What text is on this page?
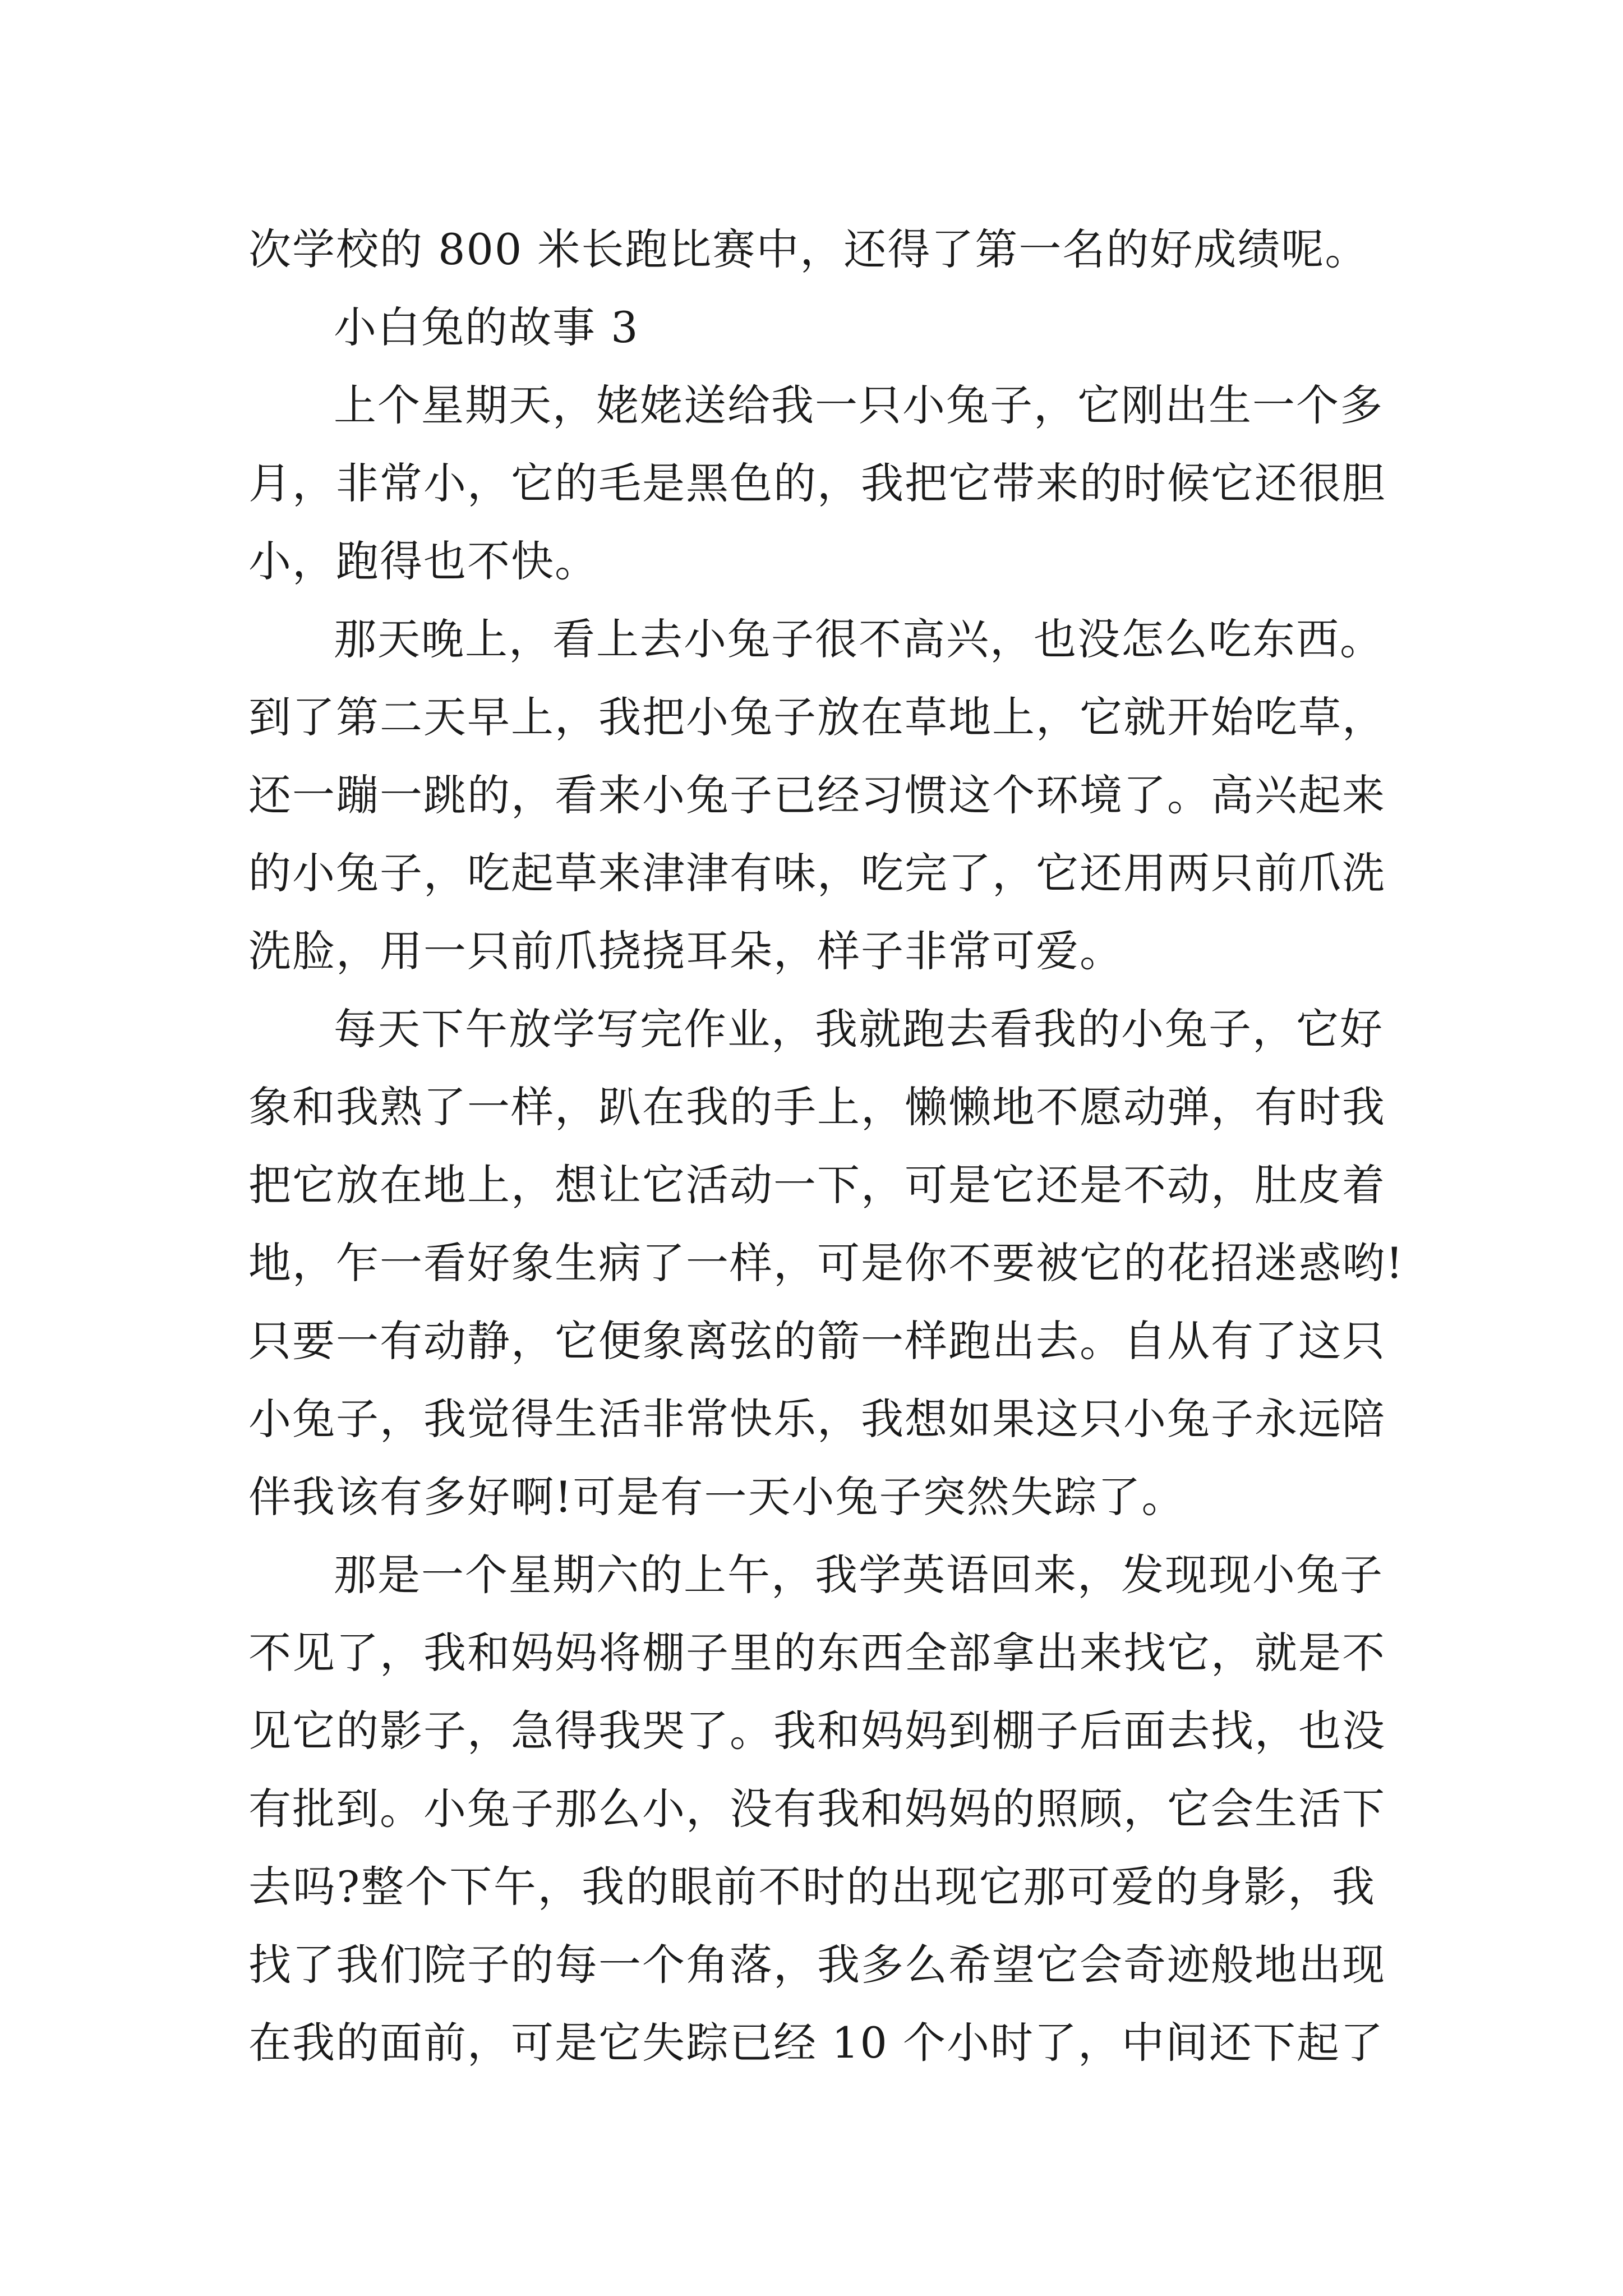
次学校的 800 米长跑比赛中，还得了第一名的好成绩呢。

小白兔的故事 3

上个星期天，姥姥送给我一只小兔子，它刚出生一个多
月，非常小，它的毛是黑色的，我把它带来的时候它还很胆
小，跑得也不快。

那天晚上，看上去小兔子很不高兴，也没怎么吃东西。
到了第二天早上，我把小兔子放在草地上，它就开始吃草，
还一蹦一跳的，看来小兔子已经习惯这个环境了。高兴起来
的小兔子，吃起草来津津有味，吃完了，它还用两只前爪洗
洗脸，用一只前爪挠挠耳朵，样子非常可爱。

每天下午放学写完作业，我就跑去看我的小兔子，它好
象和我熟了一样，趴在我的手上，懒懒地不愿动弹，有时我
把它放在地上，想让它活动一下，可是它还是不动，肚皮着
地，乍一看好象生病了一样，可是你不要被它的花招迷惑哟!
只要一有动静，它便象离弦的箭一样跑出去。自从有了这只
小兔子，我觉得生活非常快乐，我想如果这只小兔子永远陪
伴我该有多好啊!可是有一天小兔子突然失踪了。

那是一个星期六的上午，我学英语回来，发现现小兔子
不见了，我和妈妈将棚子里的东西全部拿出来找它，就是不
见它的影子，急得我哭了。我和妈妈到棚子后面去找，也没
有批到。小兔子那么小，没有我和妈妈的照顾，它会生活下
去吗?整个下午，我的眼前不时的出现它那可爱的身影，我
找了我们院子的每一个角落，我多么希望它会奇迹般地出现
在我的面前，可是它失踪已经 10 个小时了，中间还下起了
